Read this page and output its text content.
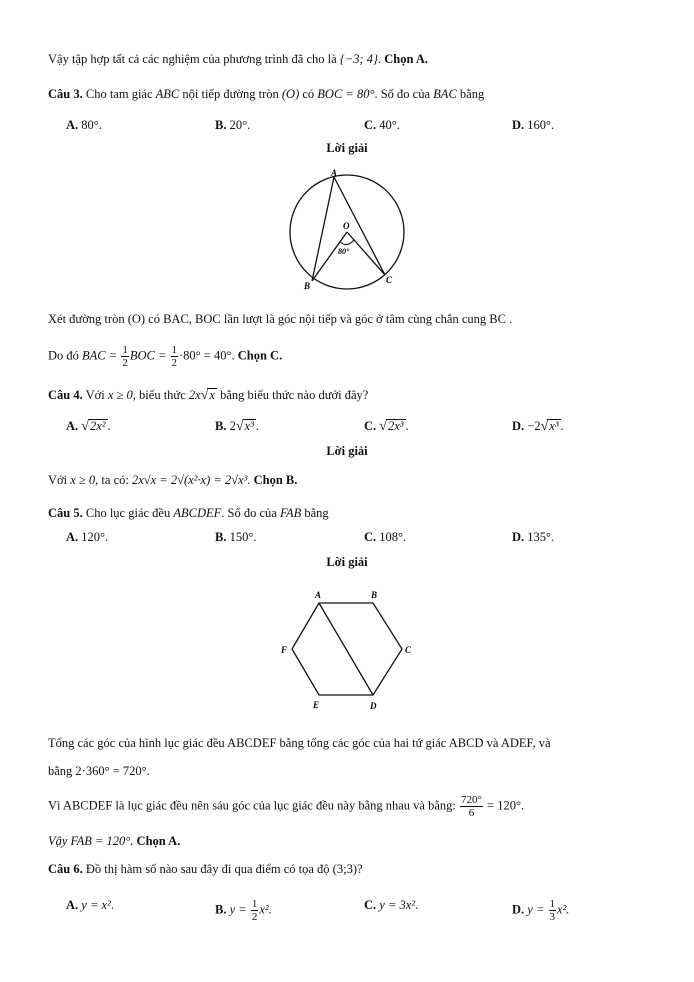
Vậy tập hợp tất cả các nghiệm của phương trình đã cho là {−3; 4}. Chọn A.
Câu 3. Cho tam giác ABC nội tiếp đường tròn (O) có BOC = 80°. Số đo của BAC bằng
A. 80°.	B. 20°.	C. 40°.	D. 160°.
Lời giải
A
O
80°
B
C
Xét đường tròn (O) có BAC, BOC lần lượt là góc nội tiếp và góc ở tâm cùng chắn cung BC .
Do đó BAC = $\frac{1}{2}$ BOC = $\frac{1}{2} \cdot 80^\circ = 40^\circ$. Chọn C.
Câu 4. Với x ≥ 0, biểu thức 2x√x bằng biểu thức nào dưới đây?
A. √2x² .	B. 2√x³ .	C. √2x³ .	D. −2√x³ .
Lời giải
Với x ≥ 0, ta có: 2x√x = 2√(x²·x) = 2√x³. Chọn B.
Câu 5. Cho lục giác đều ABCDEF. Số đo của FAB bằng
A. 120°.	B. 150°.	C. 108°.	D. 135°.
Lời giải
A	B
C
D
E
F
Tổng các góc của hình lục giác đều ABCDEF bằng tổng các góc của hai tứ giác ABCD và ADEF, và
bằng 2·360° = 720°.
Vì ABCDEF là lục giác đều nên sáu góc của lục giác đều này bằng nhau và bằng: $\frac{720^\circ}{6} = 120^\circ$.
Vậy FAB = 120°. Chọn A.
Câu 6. Đồ thị hàm số nào sau đây đi qua điểm có tọa độ (3;3)?
A. y = x².	B. $y = \frac{1}{2} x^2$.	C. y = 3x².	D. $y = \frac{1}{3} x^2$.
